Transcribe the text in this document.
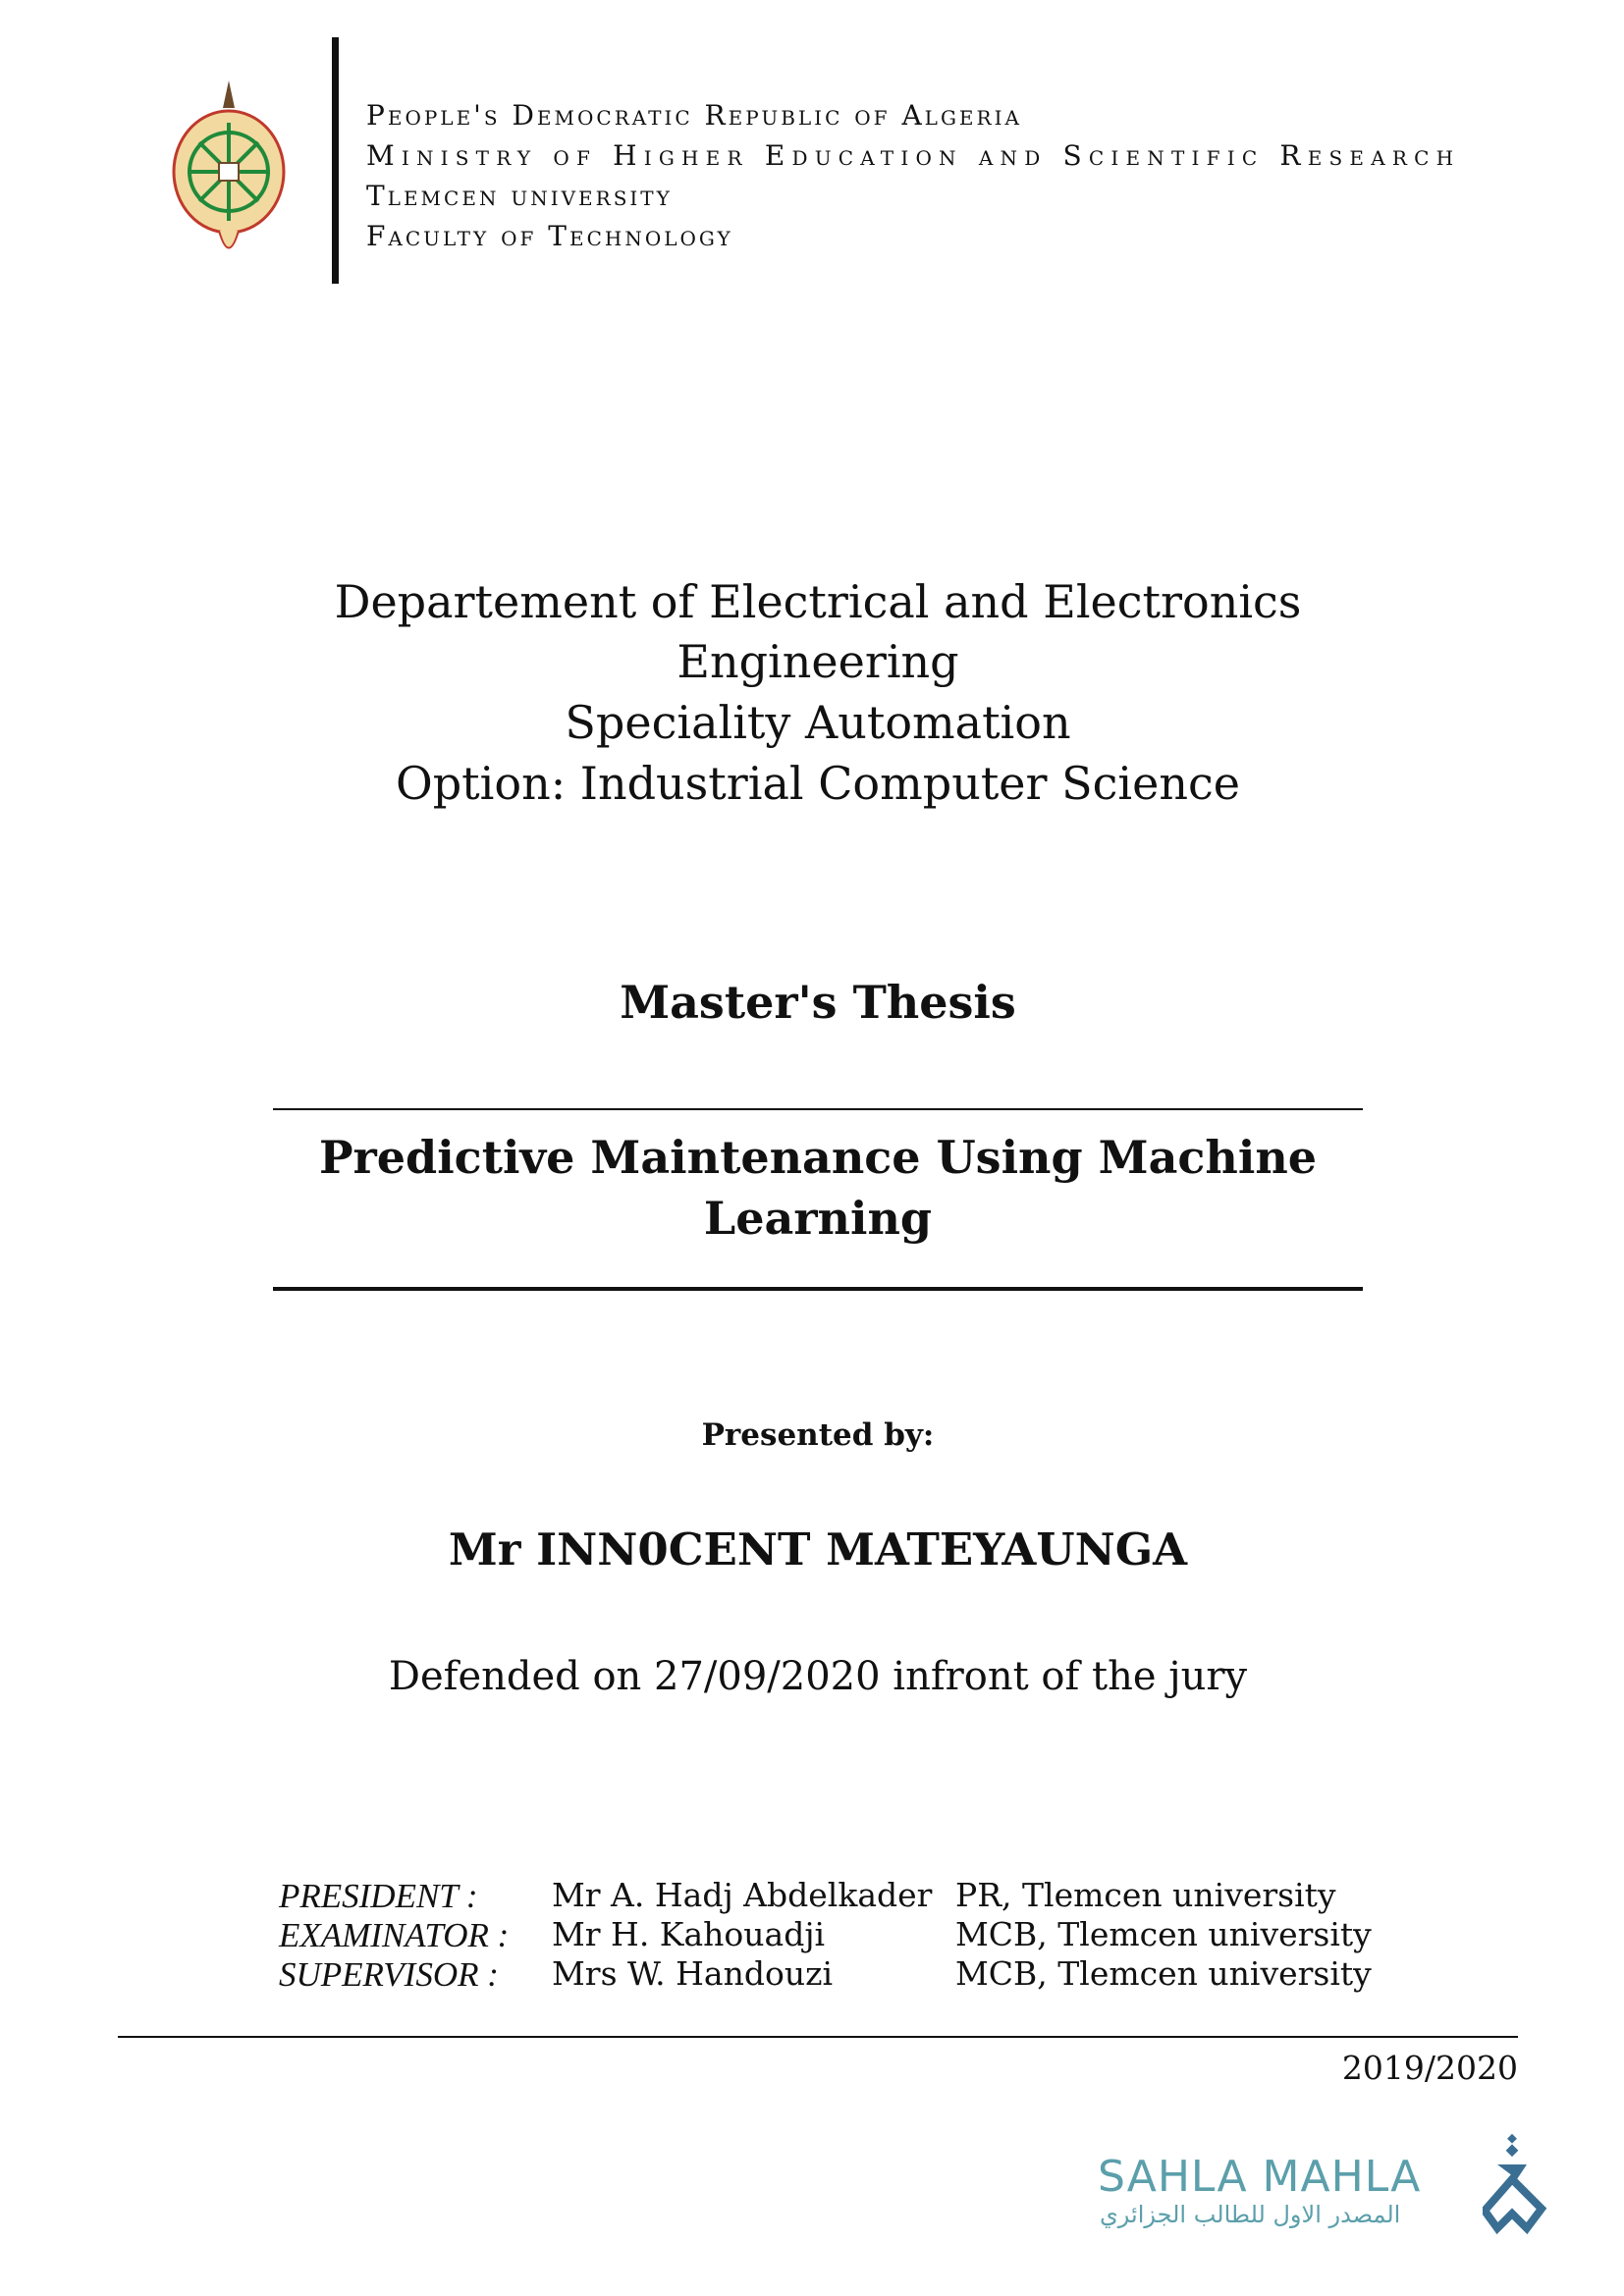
People's Democratic Republic of Algeria
Ministry of Higher Education and Scientific Research
Tlemcen university
Faculty of Technology
Departement of Electrical and Electronics
Engineering
Speciality Automation
Option: Industrial Computer Science
Master's Thesis
Predictive Maintenance Using Machine
Learning
Presented by:
Mr INN0CENT MATEYAUNGA
Defended on 27/09/2020 infront of the jury
PRESIDENT : Mr A. Hadj Abdelkader PR, Tlemcen university
EXAMINATOR : Mr H. Kahouadji	MCB, Tlemcen university
SUPERVISOR : Mrs W. Handouzi	MCB, Tlemcen university
2019/2020
SAHLA MAHLA
المصدر الاول للطالب الجزائري
